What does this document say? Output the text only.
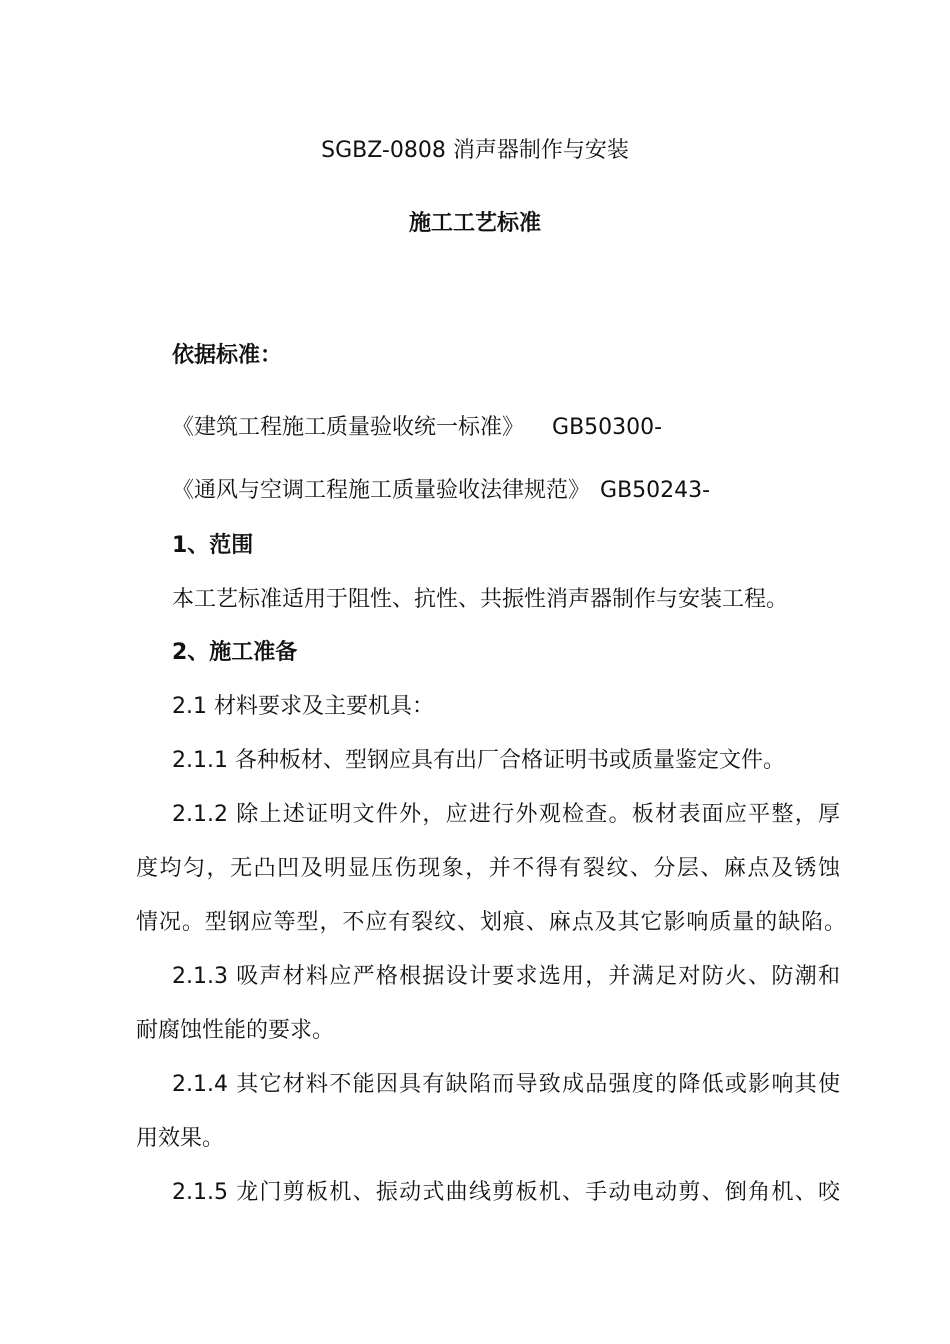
SGBZ-0808 消声器制作与安装
施工工艺标准
依据标准：
《建筑工程施工质量验收统一标准》 GB50300-
《通风与空调工程施工质量验收法律规范》 GB50243-
1、范围
本工艺标准适用于阻性、抗性、共振性消声器制作与安装工程。
2、施工准备
2.1 材料要求及主要机具：
2.1.1 各种板材、型钢应具有出厂合格证明书或质量鉴定文件。
2.1.2 除上述证明文件外，应进行外观检查。板材表面应平整，厚
度均匀，无凸凹及明显压伤现象，并不得有裂纹、分层、麻点及锈蚀
情况。型钢应等型，不应有裂纹、划痕、麻点及其它影响质量的缺陷。
2.1.3 吸声材料应严格根据设计要求选用，并满足对防火、防潮和
耐腐蚀性能的要求。
2.1.4 其它材料不能因具有缺陷而导致成品强度的降低或影响其使
用效果。
2.1.5 龙门剪板机、振动式曲线剪板机、手动电动剪、倒角机、咬
